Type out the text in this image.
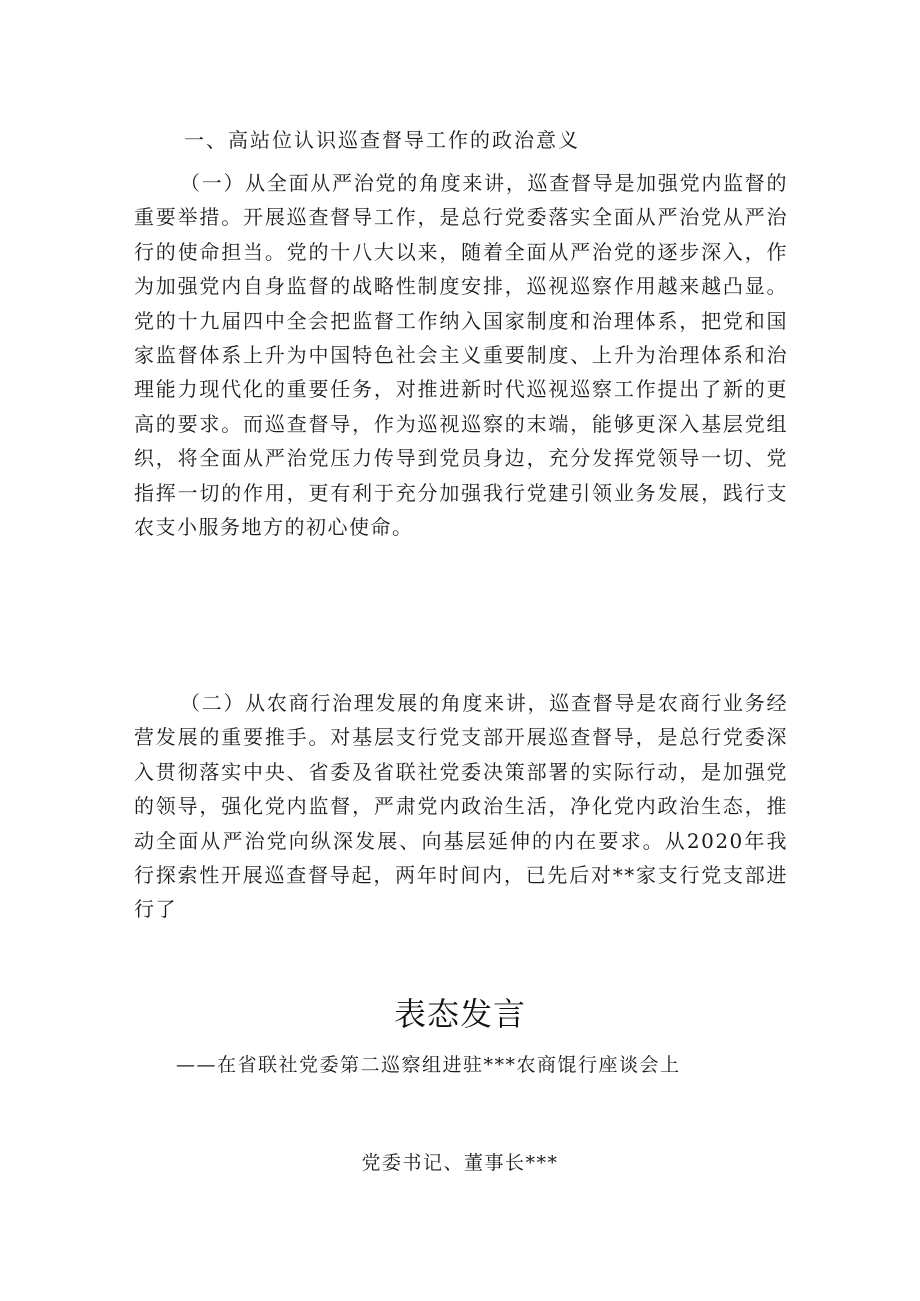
一、高站位认识巡查督导工作的政治意义

（一）从全面从严治党的角度来讲，巡查督导是加强党内监督的重要举措。开展巡查督导工作，是总行党委落实全面从严治党从严治行的使命担当。党的十八大以来，随着全面从严治党的逐步深入，作为加强党内自身监督的战略性制度安排，巡视巡察作用越来越凸显。党的十九届四中全会把监督工作纳入国家制度和治理体系，把党和国家监督体系上升为中国特色社会主义重要制度、上升为治理体系和治理能力现代化的重要任务，对推进新时代巡视巡察工作提出了新的更高的要求。而巡查督导，作为巡视巡察的末端，能够更深入基层党组织，将全面从严治党压力传导到党员身边，充分发挥党领导一切、党指挥一切的作用，更有利于充分加强我行党建引领业务发展，践行支农支小服务地方的初心使命。

（二）从农商行治理发展的角度来讲，巡查督导是农商行业务经营发展的重要推手。对基层支行党支部开展巡查督导，是总行党委深入贯彻落实中央、省委及省联社党委决策部署的实际行动，是加强党的领导，强化党内监督，严肃党内政治生活，净化党内政治生态，推动全面从严治党向纵深发展、向基层延伸的内在要求。从2020年我行探索性开展巡查督导起，两年时间内，已先后对**家支行党支部进行了

表态发言
——在省联社党委第二巡察组进驻***农商馄行座谈会上
党委书记、董事长***
